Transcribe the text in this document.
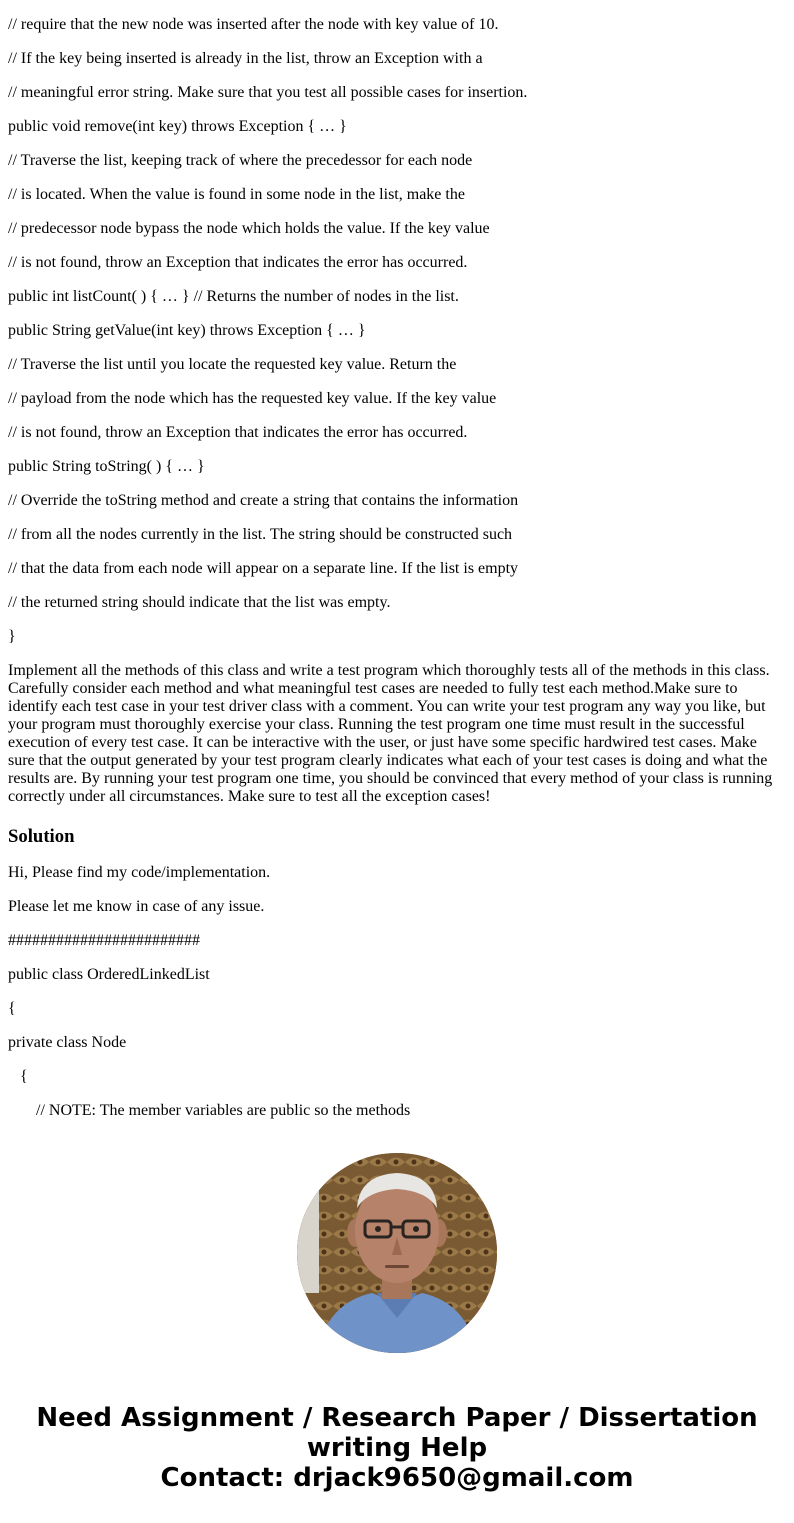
// require that the new node was inserted after the node with key value of 10.

// If the key being inserted is already in the list, throw an Exception with a

// meaningful error string. Make sure that you test all possible cases for insertion.

public void remove(int key) throws Exception { … }

// Traverse the list, keeping track of where the precedessor for each node

// is located. When the value is found in some node in the list, make the

// predecessor node bypass the node which holds the value. If the key value

// is not found, throw an Exception that indicates the error has occurred.

public int listCount( ) { … } // Returns the number of nodes in the list.

public String getValue(int key) throws Exception { … }

// Traverse the list until you locate the requested key value. Return the

// payload from the node which has the requested key value. If the key value

// is not found, throw an Exception that indicates the error has occurred.

public String toString( ) { … }

// Override the toString method and create a string that contains the information

// from all the nodes currently in the list. The string should be constructed such

// that the data from each node will appear on a separate line. If the list is empty

// the returned string should indicate that the list was empty.

}

Implement all the methods of this class and write a test program which thoroughly tests all of the methods in this class. Carefully consider each method and what meaningful test cases are needed to fully test each method.Make sure to identify each test case in your test driver class with a comment. You can write your test program any way you like, but your program must thoroughly exercise your class. Running the test program one time must result in the successful execution of every test case. It can be interactive with the user, or just have some specific hardwired test cases. Make sure that the output generated by your test program clearly indicates what each of your test cases is doing and what the results are. By running your test program one time, you should be convinced that every method of your class is running correctly under all circumstances. Make sure to test all the exception cases!

Solution

Hi, Please find my code/implementation.

Please let me know in case of any issue.

########################

public class OrderedLinkedList

{

private class Node

{

// NOTE: The member variables are public so the methods

Need Assignment / Research Paper / Dissertation
writing Help
Contact: drjack9650@gmail.com
